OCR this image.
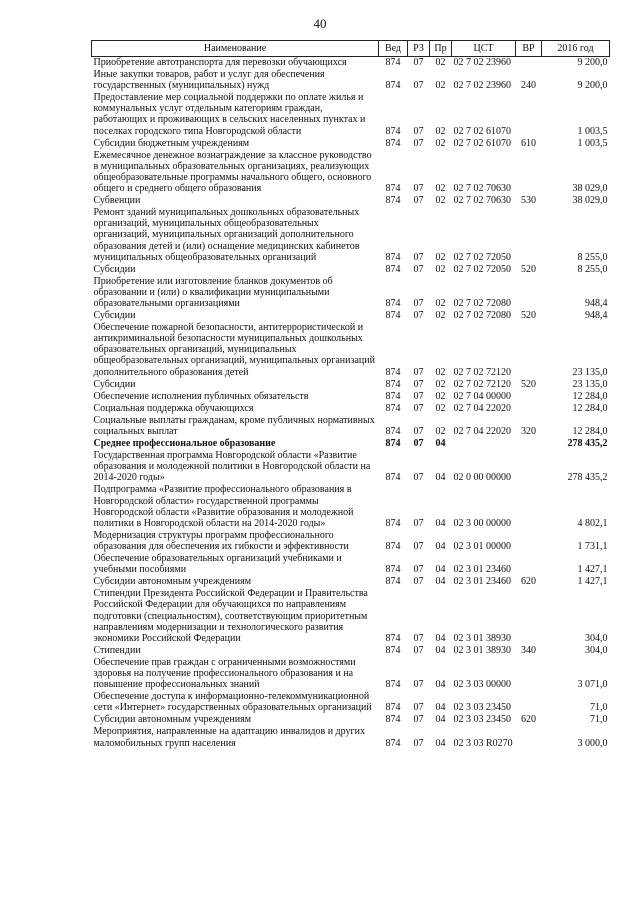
40
Наименование	Вед	РЗ	Пр	ЦСТ	ВР	2016 год
Приобретение автотранспорта для перевозки обучающихся	874	07	02	02 7 02 23960		9 200,0
Иные закупки товаров, работ и услуг для обеспечения государственных (муниципальных) нужд	874	07	02	02 7 02 23960	240	9 200,0
Предоставление мер социальной поддержки по оплате жилья и коммунальных услуг отдельным категориям граждан, работающих и проживающих в сельских населенных пунктах и поселках городского типа Новгородской области	874	07	02	02 7 02 61070		1 003,5
Субсидии бюджетным учреждениям	874	07	02	02 7 02 61070	610	1 003,5
Ежемесячное денежное вознаграждение за классное руководство в муниципальных образовательных организациях, реализующих общеобразовательные программы начального общего, основного общего и среднего общего образования	874	07	02	02 7 02 70630		38 029,0
Субвенции	874	07	02	02 7 02 70630	530	38 029,0
Ремонт зданий муниципальных дошкольных образовательных организаций, муниципальных общеобразовательных организаций, муниципальных организаций дополнительного образования детей и (или) оснащение медицинских кабинетов муниципальных общеобразовательных организаций	874	07	02	02 7 02 72050		8 255,0
Субсидии	874	07	02	02 7 02 72050	520	8 255,0
Приобретение или изготовление бланков документов об образовании и (или) о квалификации муниципальными образовательными организациями	874	07	02	02 7 02 72080		948,4
Субсидии	874	07	02	02 7 02 72080	520	948,4
Обеспечение пожарной безопасности, антитеррористической и антикриминальной безопасности муниципальных дошкольных образовательных организаций, муниципальных общеобразовательных организаций, муниципальных организаций дополнительного образования детей	874	07	02	02 7 02 72120		23 135,0
Субсидии	874	07	02	02 7 02 72120	520	23 135,0
Обеспечение исполнения публичных обязательств	874	07	02	02 7 04 00000		12 284,0
Социальная поддержка обучающихся	874	07	02	02 7 04 22020		12 284,0
Социальные выплаты гражданам, кроме публичных нормативных социальных выплат	874	07	02	02 7 04 22020	320	12 284,0
Среднее профессиональное образование	874	07	04			278 435,2
Государственная программа Новгородской области «Развитие образования и молодежной политики в Новгородской области на 2014-2020 годы»	874	07	04	02 0 00 00000		278 435,2
Подпрограмма «Развитие профессионального образования в Новгородской области» государственной программы Новгородской области «Развитие образования и молодежной политики в Новгородской области на 2014-2020 годы»	874	07	04	02 3 00 00000		4 802,1
Модернизация структуры программ профессионального образования для обеспечения их гибкости и эффективности	874	07	04	02 3 01 00000		1 731,1
Обеспечение образовательных организаций учебниками и учебными пособиями	874	07	04	02 3 01 23460		1 427,1
Субсидии автономным учреждениям	874	07	04	02 3 01 23460	620	1 427,1
Стипендии Президента Российской Федерации и Правительства Российской Федерации для обучающихся по направлениям подготовки (специальностям), соответствующим приоритетным направлениям модернизации и технологического развития экономики Российской Федерации	874	07	04	02 3 01 38930		304,0
Стипендии	874	07	04	02 3 01 38930	340	304,0
Обеспечение прав граждан с ограниченными возможностями здоровья на получение профессионального образования и на повышение профессиональных знаний	874	07	04	02 3 03 00000		3 071,0
Обеспечение доступа к информационно-телекоммуникационной сети «Интернет» государственных образовательных организаций	874	07	04	02 3 03 23450		71,0
Субсидии автономным учреждениям	874	07	04	02 3 03 23450	620	71,0
Мероприятия, направленные на адаптацию инвалидов и других маломобильных групп населения	874	07	04	02 3 03 R0270		3 000,0
